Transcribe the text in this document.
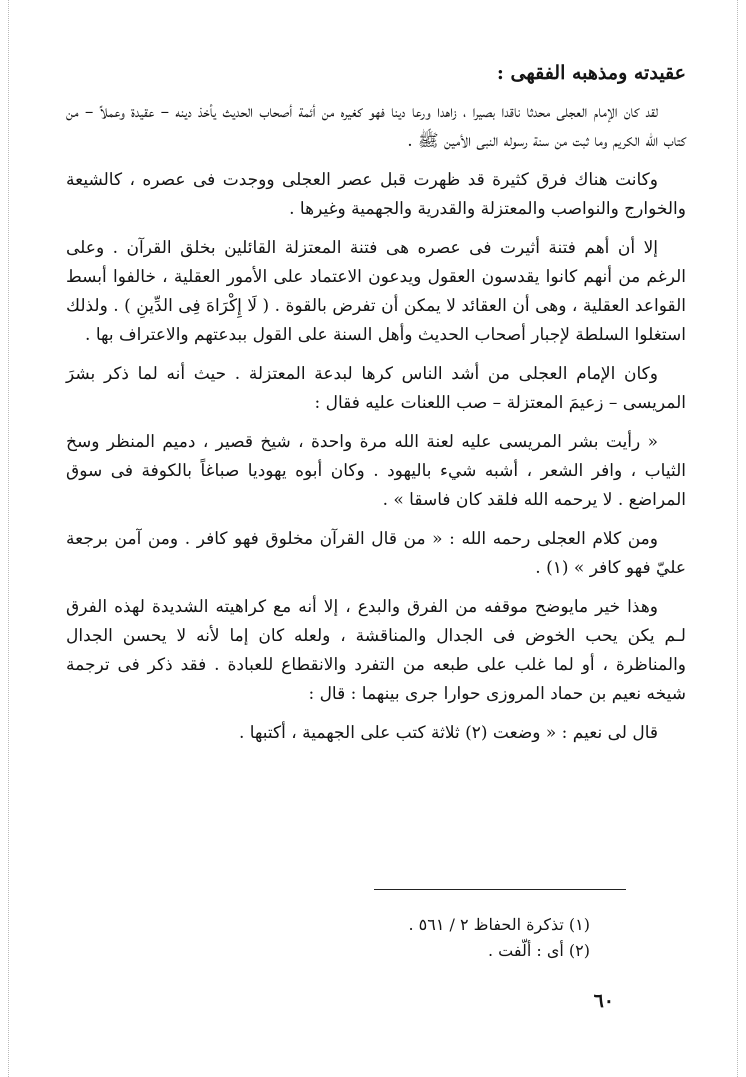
عقيدته ومذهبه الفقهى :

لقد كان الإمام العجلى محدثا ناقدا بصيرا ، زاهدا ورعا دينا فهو كغيره من أئمة أصحاب الحديث يأخذ دينه – عقيدة وعملاً – من كتاب الله الكريم وما ثبت من سنة رسوله النبى الأمين ﷺ .

وكانت هناك فرق كثيرة قد ظهرت قبل عصر العجلى ووجدت فى عصره ، كالشيعة والخوارج والنواصب والمعتزلة والقدرية والجهمية وغيرها .

إلا أن أهم فتنة أثيرت فى عصره هى فتنة المعتزلة القائلين بخلق القرآن . وعلى الرغم من أنهم كانوا يقدسون العقول ويدعون الاعتماد على الأمور العقلية ، خالفوا أبسط القواعد العقلية ، وهى أن العقائد لا يمكن أن تفرض بالقوة . ( لَا إِكْرَاهَ فِى الدِّينِ ) . ولذلك استغلوا السلطة لإجبار أصحاب الحديث وأهل السنة على القول ببدعتهم والاعتراف بها .

وكان الإمام العجلى من أشد الناس كرها لبدعة المعتزلة . حيث أنه لما ذكر بشرَ المريسى – زعيمَ المعتزلة – صب اللعنات عليه فقال :

« رأيت بشر المريسى عليه لعنة الله مرة واحدة ، شيخ قصير ، دميم المنظر وسخ الثياب ، وافر الشعر ، أشبه شيء باليهود . وكان أبوه يهوديا صباغاً بالكوفة فى سوق المراضع . لا يرحمه الله فلقد كان فاسقا » .

ومن كلام العجلى رحمه الله : « من قال القرآن مخلوق فهو كافر . ومن آمن برجعة عليّ فهو كافر » (١) .

وهذا خير مايوضح موقفه من الفرق والبدع ، إلا أنه مع كراهيته الشديدة لهذه الفرق لـم يكن يحب الخوض فى الجدال والمناقشة ، ولعله كان إما لأنه لا يحسن الجدال والمناظرة ، أو لما غلب على طبعه من التفرد والانقطاع للعبادة . فقد ذكر فى ترجمة شيخه نعيم بن حماد المروزى حوارا جرى بينهما : قال :

قال لى نعيم : « وضعت (٢) ثلاثة كتب على الجهمية ، أكتبها .

(١) تذكرة الحفاظ ٢ / ٥٦١ .

(٢) أى : ألّفت .

٦٠
